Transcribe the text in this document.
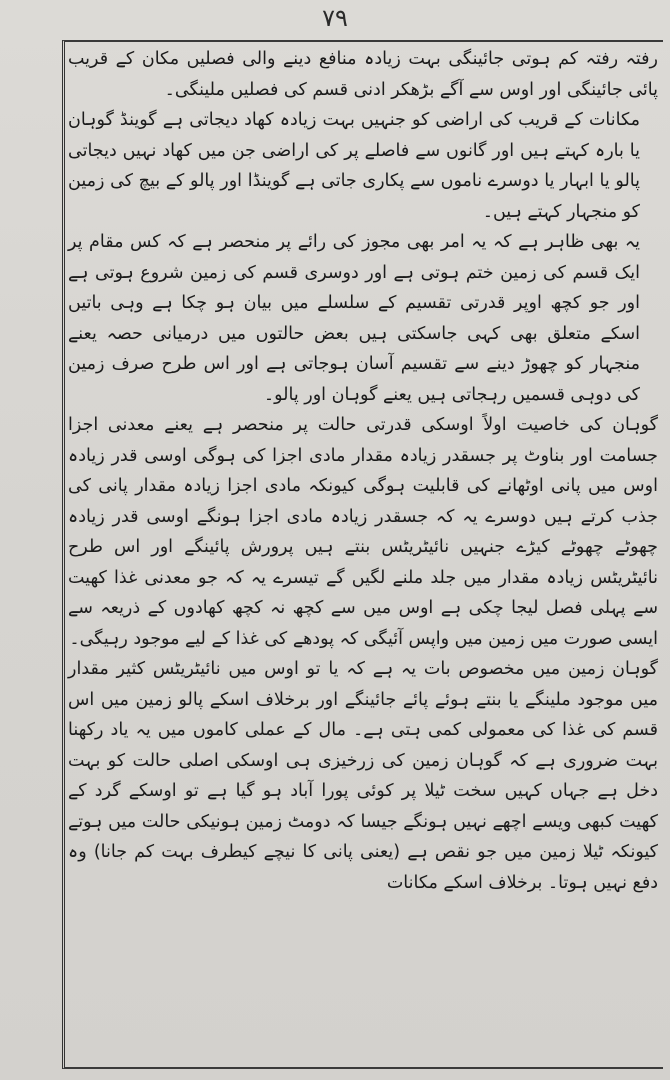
۷۹

رفتہ رفتہ کم ہوتی جائینگی بہت زیادہ منافع دینے والی فصلیں مکان کے قریب پائی جائینگی اور اوس سے آگے بڑھکر ادنی قسم کی فصلیں ملینگی۔

مکانات کے قریب کی اراضی کو جنہیں بہت زیادہ کھاد دیجاتی ہے گوینڈ گوہان یا بارہ کہتے ہیں اور گانوں سے فاصلے پر کی اراضی جن میں کھاد نہیں دیجاتی پالو یا ابہار یا دوسرے ناموں سے پکاری جاتی ہے گوینڈا اور پالو کے بیچ کی زمین کو منجہار کہتے ہیں۔

یہ بھی ظاہر ہے کہ یہ امر بھی مجوز کی رائے پر منحصر ہے کہ کس مقام پر ایک قسم کی زمین ختم ہوتی ہے اور دوسری قسم کی زمین شروع ہوتی ہے اور جو کچھ اوپر قدرتی تقسیم کے سلسلے میں بیان ہو چکا ہے وہی باتیں اسکے متعلق بھی کہی جاسکتی ہیں بعض حالتوں میں درمیانی حصہ یعنے منجہار کو چھوڑ دینے سے تقسیم آسان ہوجاتی ہے اور اس طرح صرف زمین کی دوہی قسمیں رہجاتی ہیں یعنے گوہان اور پالو۔

گوہان کی خاصیت اولاً اوسکی قدرتی حالت پر منحصر ہے یعنے معدنی اجزا جسامت اور بناوٹ پر جسقدر زیادہ مقدار مادی اجزا کی ہوگی اوسی قدر زیادہ اوس میں پانی اوٹھانے کی قابلیت ہوگی کیونکہ مادی اجزا زیادہ مقدار پانی کی جذب کرتے ہیں دوسرے یہ کہ جسقدر زیادہ مادی اجزا ہونگے اوسی قدر زیادہ چھوٹے چھوٹے کیڑے جنہیں نائیٹریٹس بنتے ہیں پرورش پائینگے اور اس طرح نائیٹریٹس زیادہ مقدار میں جلد ملنے لگیں گے تیسرے یہ کہ جو معدنی غذا کھیت سے پہلی فصل لیجا چکی ہے اوس میں سے کچھ نہ کچھ کھادوں کے ذریعہ سے ایسی صورت میں زمین میں واپس آئیگی کہ پودھے کی غذا کے لیے موجود رہیگی۔

گوہان زمین میں مخصوص بات یہ ہے کہ یا تو اوس میں نائیٹریٹس کثیر مقدار میں موجود ملینگے یا بنتے ہوئے پائے جائینگے اور برخلاف اسکے پالو زمین میں اس قسم کی غذا کی معمولی کمی ہتی ہے۔ مال کے عملی کاموں میں یہ یاد رکھنا بہت ضروری ہے کہ گوہان زمین کی زرخیزی ہی اوسکی اصلی حالت کو بہت دخل ہے جہاں کہیں سخت ٹیلا پر کوئی پورا آباد ہو گیا ہے تو اوسکے گرد کے کھیت کبھی ویسے اچھے نہیں ہونگے جیسا کہ دومٹ زمین ہونیکی حالت میں ہوتے کیونکہ ٹیلا زمین میں جو نقص ہے (یعنی پانی کا نیچے کیطرف بہت کم جانا) وہ دفع نہیں ہوتا۔ برخلاف اسکے مکانات
